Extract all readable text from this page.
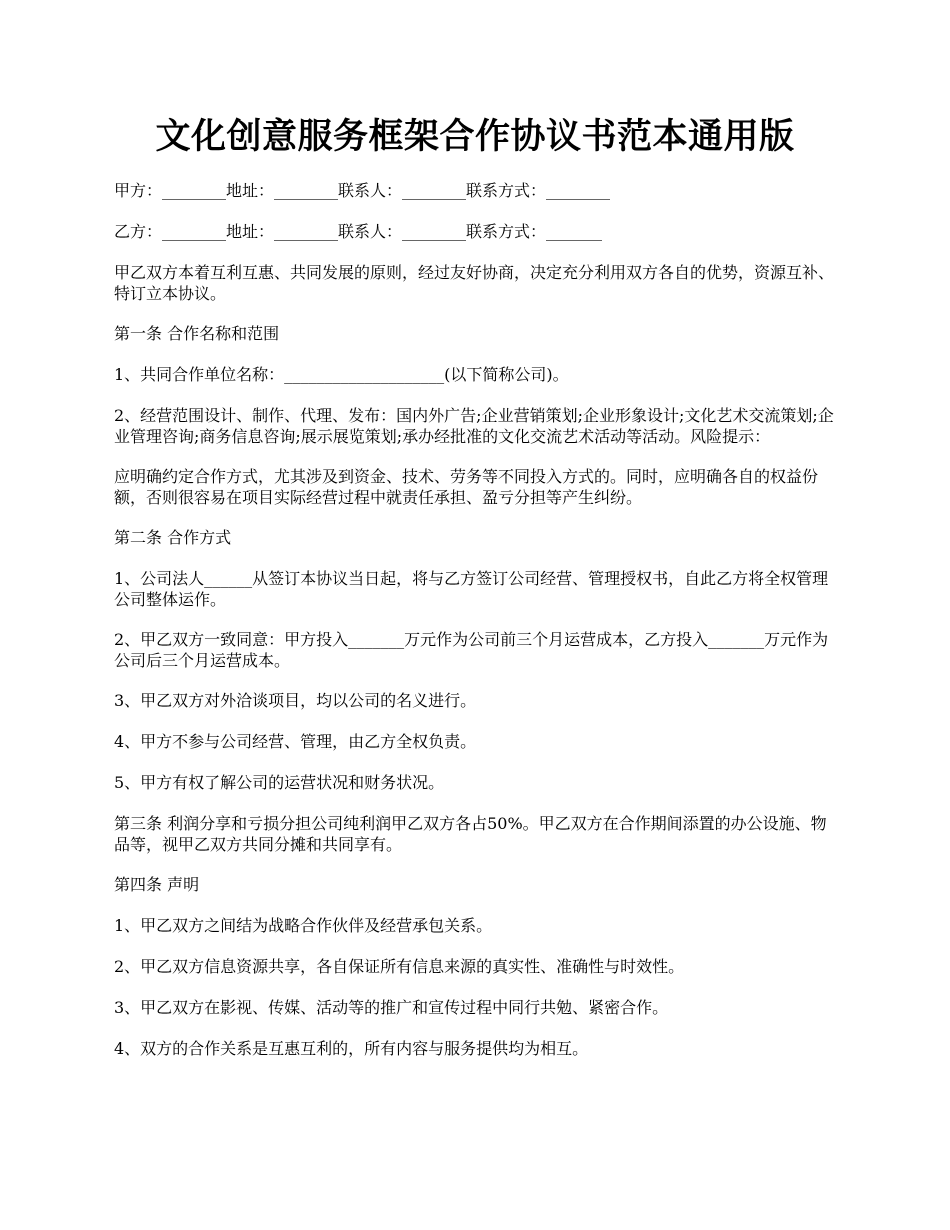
文化创意服务框架合作协议书范本通用版

甲方：________地址：________联系人：________联系方式：________

乙方：________地址：________联系人：________联系方式：_______

甲乙双方本着互利互惠、共同发展的原则，经过友好协商，决定充分利用双方各自的优势，资源互补、特订立本协议。

第一条 合作名称和范围

1、共同合作单位名称：____________________(以下简称公司)。

2、经营范围设计、制作、代理、发布：国内外广告;企业营销策划;企业形象设计;文化艺术交流策划;企业管理咨询;商务信息咨询;展示展览策划;承办经批准的文化交流艺术活动等活动。风险提示：

应明确约定合作方式，尤其涉及到资金、技术、劳务等不同投入方式的。同时，应明确各自的权益份额，否则很容易在项目实际经营过程中就责任承担、盈亏分担等产生纠纷。

第二条 合作方式

1、公司法人______从签订本协议当日起，将与乙方签订公司经营、管理授权书，自此乙方将全权管理公司整体运作。

2、甲乙双方一致同意：甲方投入_______万元作为公司前三个月运营成本，乙方投入_______万元作为公司后三个月运营成本。

3、甲乙双方对外洽谈项目，均以公司的名义进行。

4、甲方不参与公司经营、管理，由乙方全权负责。

5、甲方有权了解公司的运营状况和财务状况。

第三条 利润分享和亏损分担公司纯利润甲乙双方各占50%。甲乙双方在合作期间添置的办公设施、物品等，视甲乙双方共同分摊和共同享有。

第四条 声明

1、甲乙双方之间结为战略合作伙伴及经营承包关系。

2、甲乙双方信息资源共享，各自保证所有信息来源的真实性、准确性与时效性。

3、甲乙双方在影视、传媒、活动等的推广和宣传过程中同行共勉、紧密合作。

4、双方的合作关系是互惠互利的，所有内容与服务提供均为相互。
